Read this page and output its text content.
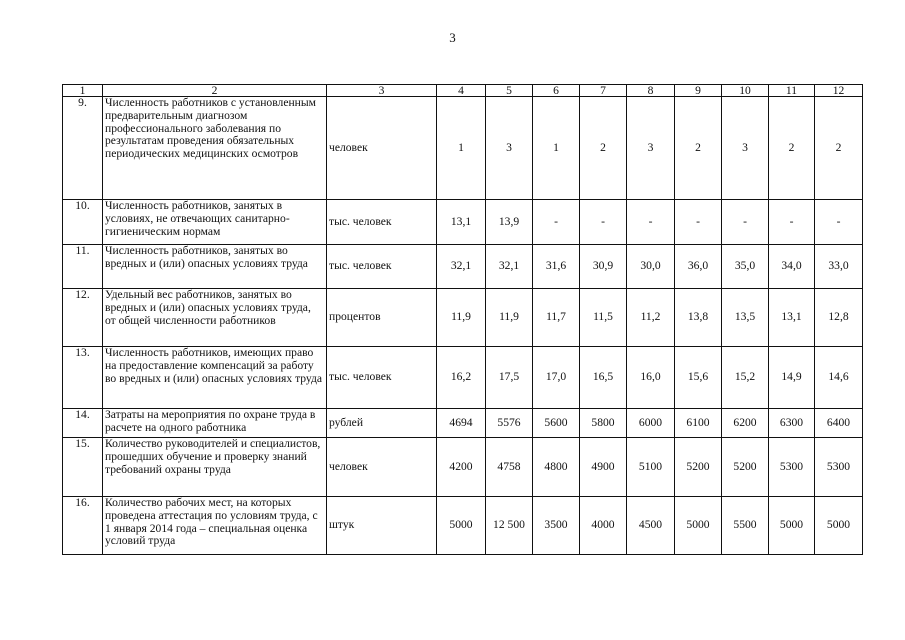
3
1	2	3	4	5	6	7	8	9	10	11	12
9.	Численность работников с установленным предварительным диагнозом профессионального заболевания по результатам проведения обязательных периодических медицинских осмотров	человек	1	3	1	2	3	2	3	2	2
10.	Численность работников, занятых в условиях, не отвечающих санитарно-гигиеническим нормам	тыс. человек	13,1	13,9	-	-	-	-	-	-	-
11.	Численность работников, занятых во вредных и (или) опасных условиях труда	тыс. человек	32,1	32,1	31,6	30,9	30,0	36,0	35,0	34,0	33,0
12.	Удельный вес работников, занятых во вредных и (или) опасных условиях труда, от общей численности работников	процентов	11,9	11,9	11,7	11,5	11,2	13,8	13,5	13,1	12,8
13.	Численность работников, имеющих право на предоставление компенсаций за работу во вредных и (или) опасных условиях труда	тыс. человек	16,2	17,5	17,0	16,5	16,0	15,6	15,2	14,9	14,6
14.	Затраты на мероприятия по охране труда в расчете на одного работника	рублей	4694	5576	5600	5800	6000	6100	6200	6300	6400
15.	Количество руководителей и специалистов, прошедших обучение и проверку знаний требований охраны труда	человек	4200	4758	4800	4900	5100	5200	5200	5300	5300
16.	Количество рабочих мест, на которых проведена аттестация по условиям труда, с 1 января 2014 года – специальная оценка условий труда	штук	5000	12 500	3500	4000	4500	5000	5500	5000	5000
